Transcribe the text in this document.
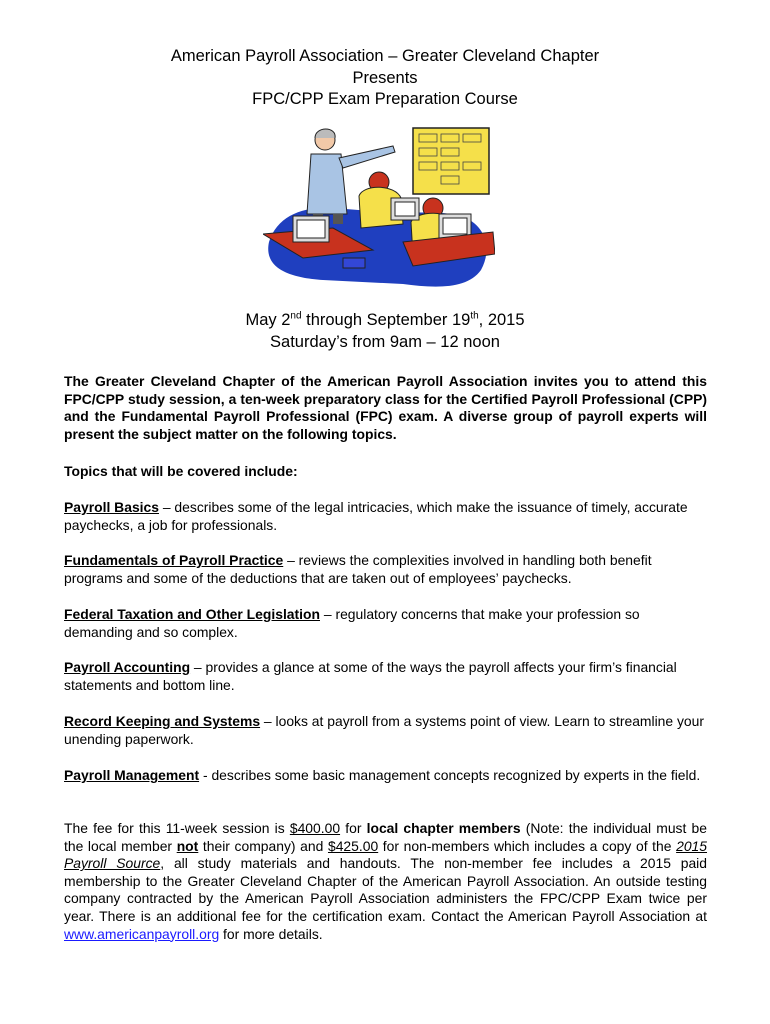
American Payroll Association – Greater Cleveland Chapter
Presents
FPC/CPP Exam Preparation Course
May 2nd through September 19th, 2015
Saturday’s from 9am – 12 noon
The Greater Cleveland Chapter of the American Payroll Association invites you to attend this FPC/CPP study session, a ten-week preparatory class for the Certified Payroll Professional (CPP) and the Fundamental Payroll Professional (FPC) exam. A diverse group of payroll experts will present the subject matter on the following topics.
Topics that will be covered include:
Payroll Basics – describes some of the legal intricacies, which make the issuance of timely, accurate paychecks, a job for professionals.
Fundamentals of Payroll Practice – reviews the complexities involved in handling both benefit programs and some of the deductions that are taken out of employees’ paychecks.
Federal Taxation and Other Legislation – regulatory concerns that make your profession so demanding and so complex.
Payroll Accounting – provides a glance at some of the ways the payroll affects your firm’s financial statements and bottom line.
Record Keeping and Systems – looks at payroll from a systems point of view. Learn to streamline your unending paperwork.
Payroll Management - describes some basic management concepts recognized by experts in the field.
The fee for this 11-week session is $400.00 for local chapter members (Note: the individual must be the local member not their company) and $425.00 for non-members which includes a copy of the 2015 Payroll Source, all study materials and handouts. The non-member fee includes a 2015 paid membership to the Greater Cleveland Chapter of the American Payroll Association. An outside testing company contracted by the American Payroll Association administers the FPC/CPP Exam twice per year. There is an additional fee for the certification exam. Contact the American Payroll Association at www.americanpayroll.org for more details.
